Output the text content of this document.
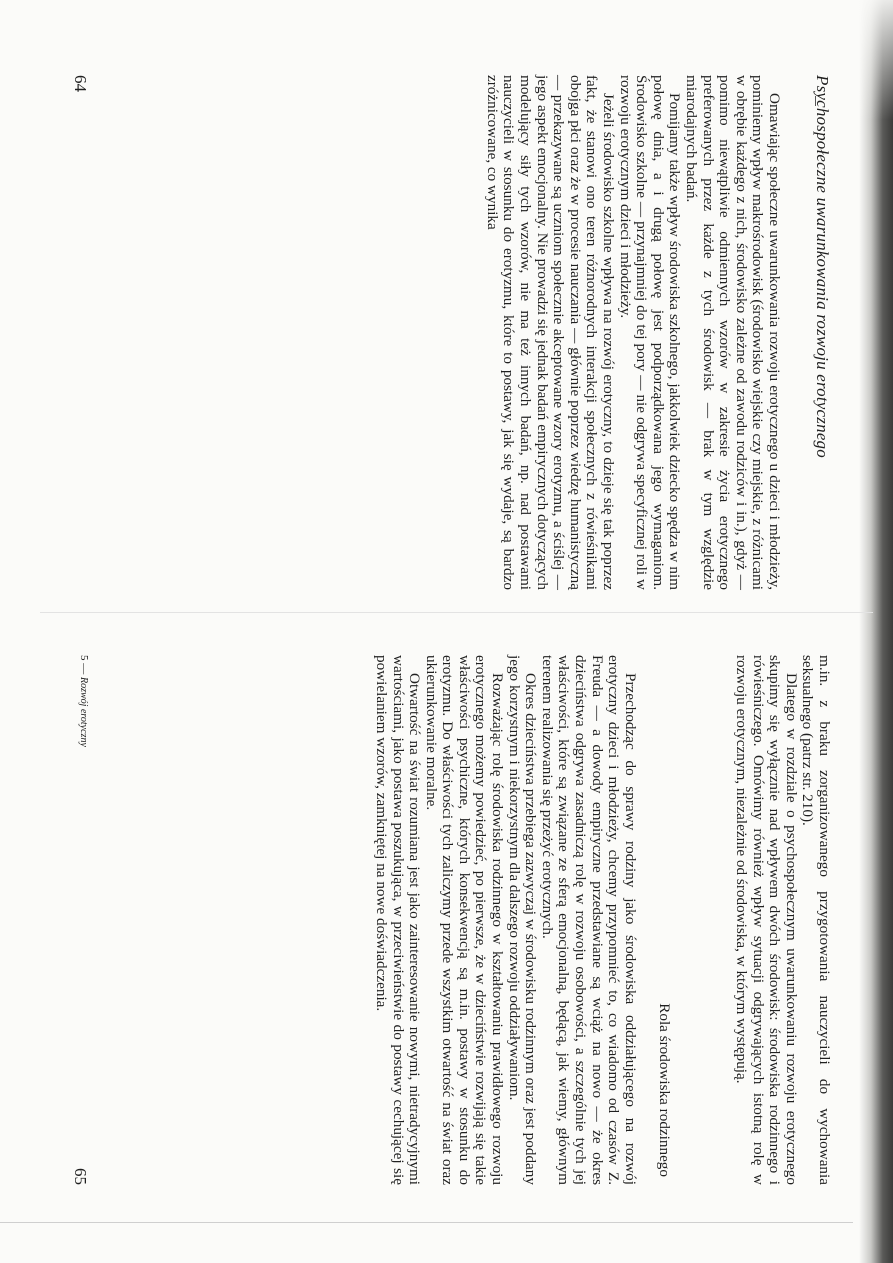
Psychospołeczne uwarunkowania rozwoju erotycznego

Omawiając społeczne uwarunkowania rozwoju erotycznego u dzieci i młodzieży, pominiemy wpływ makrośrodowisk (środowisko wiejskie czy miejskie, z różnicami w obrębie każdego z nich, środowisko zależne od zawodu rodziców i in.), gdyż — pomimo niewątpliwie odmiennych wzorów w zakresie życia erotycznego preferowanych przez każde z tych środowisk — brak w tym względzie miarodajnych badań.

Pomijamy także wpływ środowiska szkolnego, jakkolwiek dziecko spędza w nim połowę dnia, a i drugą połowę jest podporządkowana jego wymaganiom. Środowisko szkolne — przynajmniej do tej pory — nie odgrywa specyficznej roli w rozwoju erotycznym dzieci i młodzieży.

Jeżeli środowisko szkolne wpływa na rozwój erotyczny, to dzieje się tak poprzez fakt, że stanowi ono teren różnorodnych interakcji społecznych z rówieśnikami obojga płci oraz że w procesie nauczania — głównie poprzez wiedzę humanistyczną — przekazywane są uczniom społecznie akceptowane wzory erotyzmu, a ściślej — jego aspekt emocjonalny. Nie prowadzi się jednak badań empirycznych dotyczących modelujący siły tych wzorów, nie ma też innych badań, np. nad postawami nauczycieli w stosunku do erotyzmu, które to postawy, jak się wydaje, są bardzo zróżnicowane, co wynika

64

m.in. z braku zorganizowanego przygotowania nauczycieli do wychowania seksualnego (patrz str. 210).

Dlatego w rozdziale o psychospołecznym uwarunkowaniu rozwoju erotycznego skupimy się wyłącznie nad wpływem dwóch środowisk: środowiska rodzinnego i rówieśniczego. Omówimy również wpływ sytuacji odgrywających istotną rolę w rozwoju erotycznym, niezależnie od środowiska, w którym występują.

Rola środowiska rodzinnego

Przechodząc do sprawy rodziny jako środowiska oddziałującego na rozwój erotyczny dzieci i młodzieży, chcemy przypomnieć to, co wiadomo od czasów Z. Freuda — a dowody empiryczne przedstawiane są wciąż na nowo — że okres dzieciństwa odgrywa zasadniczą rolę w rozwoju osobowości, a szczególnie tych jej właściwości, które są związane ze sferą emocjonalną, będącą, jak wiemy, głównym terenem realizowania się przeżyć erotycznych.

Okres dzieciństwa przebiega zazwyczaj w środowisku rodzinnym oraz jest poddany jego korzystnym i niekorzystnym dla dalszego rozwoju oddziaływaniom.

Rozważając rolę środowiska rodzinnego w kształtowaniu prawidłowego rozwoju erotycznego możemy powiedzieć, po pierwsze, że w dzieciństwie rozwijają się takie właściwości psychiczne, których konsekwencją są m.in. postawy w stosunku do erotyzmu. Do właściwości tych zaliczymy przede wszystkim otwartość na świat oraz ukierunkowanie moralne.

Otwartość na świat rozumiana jest jako zainteresowanie nowymi, nietradycyjnymi wartościami, jako postawa poszukująca, w przeciwieństwie do postawy cechującej się powielaniem wzorów, zamkniętej na nowe doświadczenia.

5 — Rozwój erotyczny
65
